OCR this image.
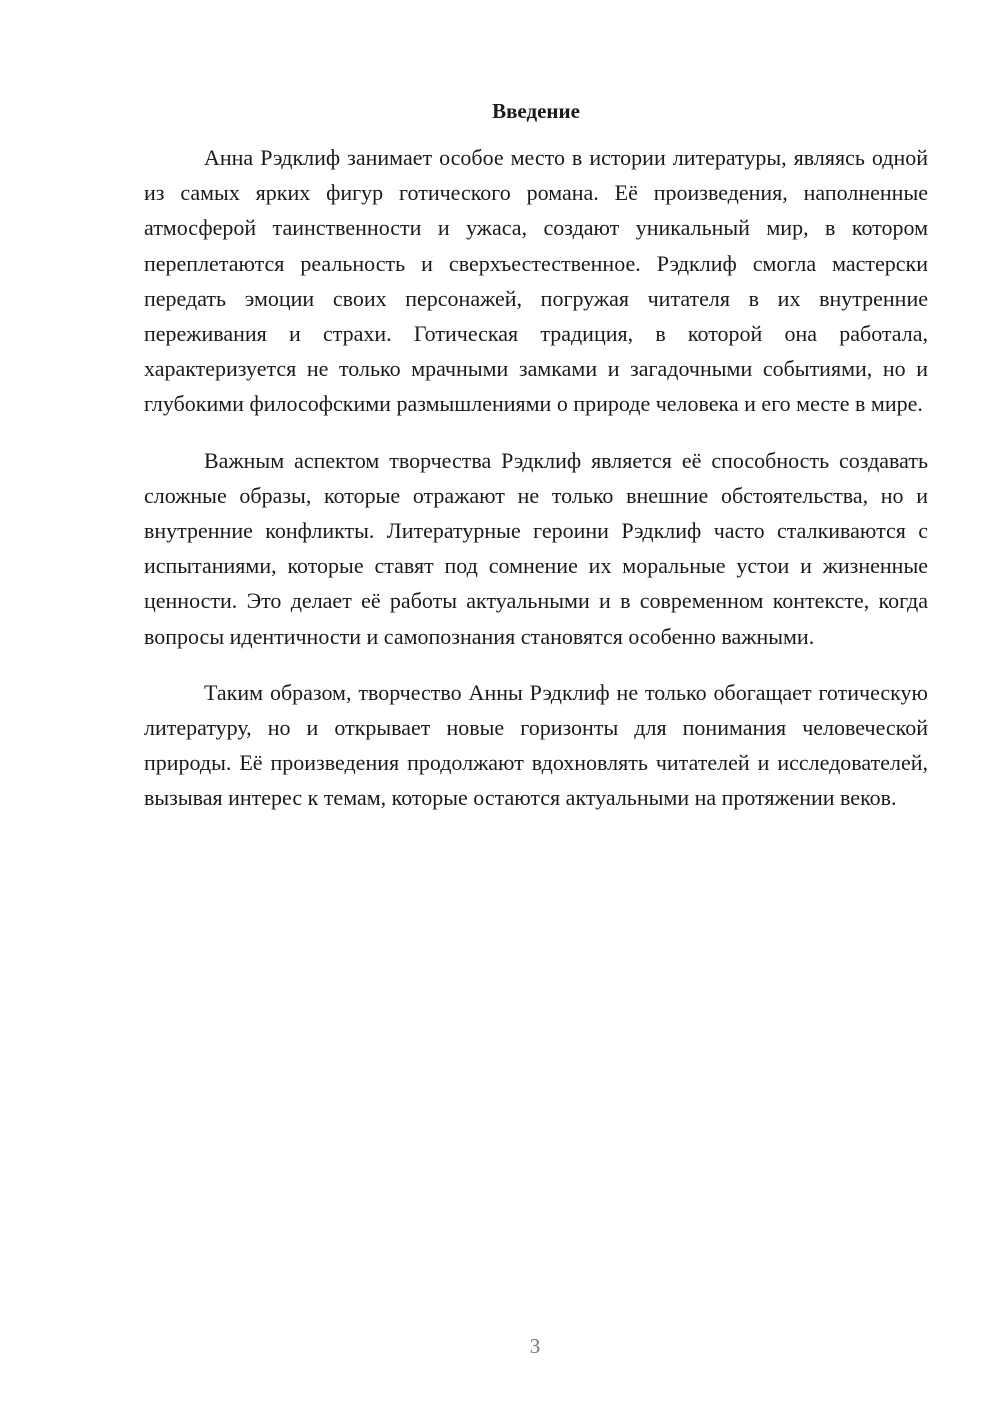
Введение

Анна Рэдклиф занимает особое место в истории литературы, являясь одной из самых ярких фигур готического романа. Её произведения, наполненные атмосферой таинственности и ужаса, создают уникальный мир, в котором переплетаются реальность и сверхъестественное. Рэдклиф смогла мастерски передать эмоции своих персонажей, погружая читателя в их внутренние переживания и страхи. Готическая традиция, в которой она работала, характеризуется не только мрачными замками и загадочными событиями, но и глубокими философскими размышлениями о природе человека и его месте в мире.

Важным аспектом творчества Рэдклиф является её способность создавать сложные образы, которые отражают не только внешние обстоятельства, но и внутренние конфликты. Литературные героини Рэдклиф часто сталкиваются с испытаниями, которые ставят под сомнение их моральные устои и жизненные ценности. Это делает её работы актуальными и в современном контексте, когда вопросы идентичности и самопознания становятся особенно важными.

Таким образом, творчество Анны Рэдклиф не только обогащает готическую литературу, но и открывает новые горизонты для понимания человеческой природы. Её произведения продолжают вдохновлять читателей и исследователей, вызывая интерес к темам, которые остаются актуальными на протяжении веков.

3
